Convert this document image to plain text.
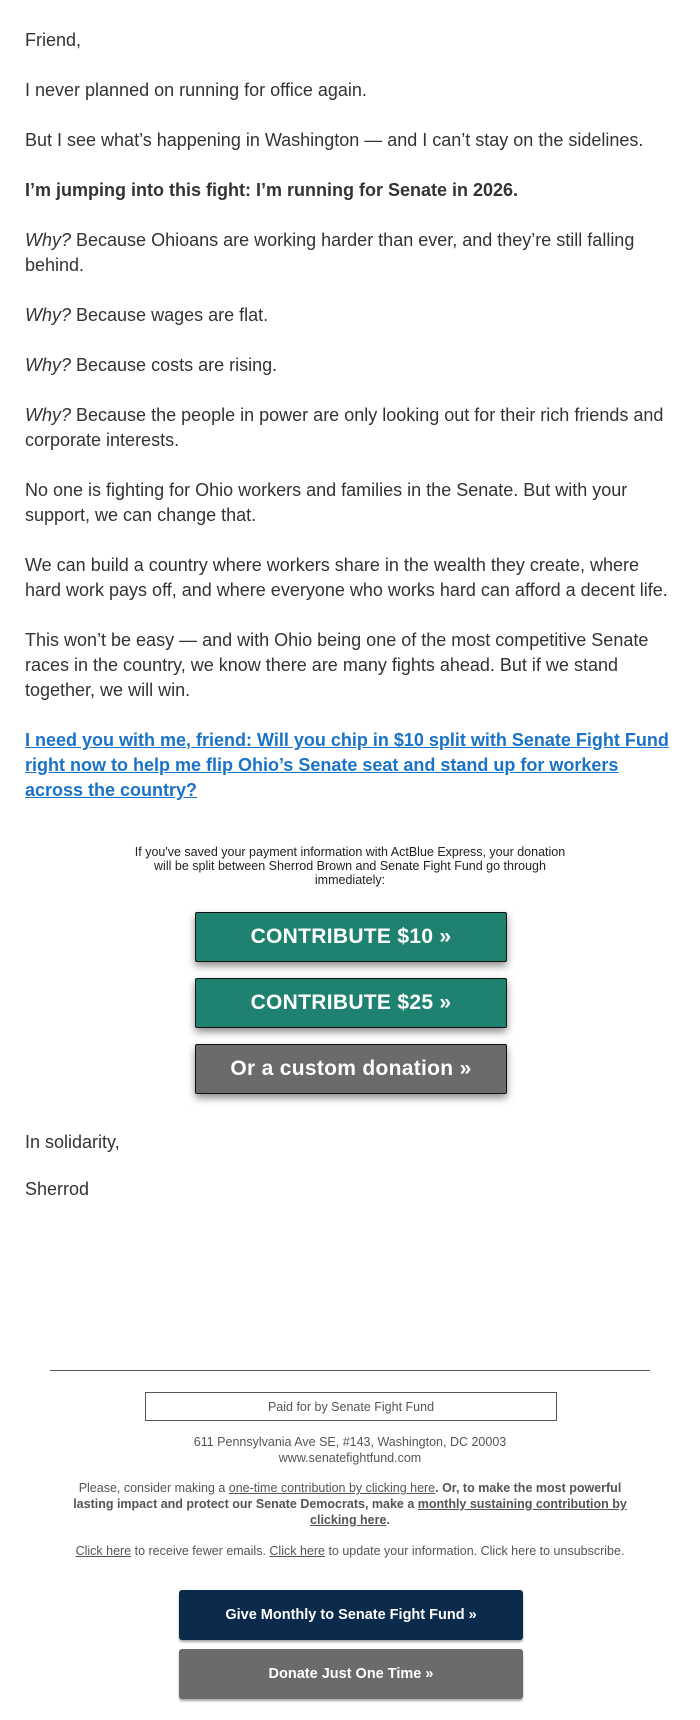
Friend,

I never planned on running for office again.

But I see what’s happening in Washington — and I can’t stay on the sidelines.

I’m jumping into this fight: I’m running for Senate in 2026.

Why? Because Ohioans are working harder than ever, and they’re still falling behind.

Why? Because wages are flat.

Why? Because costs are rising.

Why? Because the people in power are only looking out for their rich friends and corporate interests.

No one is fighting for Ohio workers and families in the Senate. But with your support, we can change that.

We can build a country where workers share in the wealth they create, where hard work pays off, and where everyone who works hard can afford a decent life.

This won’t be easy — and with Ohio being one of the most competitive Senate races in the country, we know there are many fights ahead. But if we stand together, we will win.

I need you with me, friend: Will you chip in $10 split with Senate Fight Fund right now to help me flip Ohio’s Senate seat and stand up for workers across the country?

If you've saved your payment information with ActBlue Express, your donation will be split between Sherrod Brown and Senate Fight Fund go through immediately:
CONTRIBUTE $10 »
CONTRIBUTE $25 »
Or a custom donation »

In solidarity,

Sherrod

Paid for by Senate Fight Fund
611 Pennsylvania Ave SE, #143, Washington, DC 20003
www.senatefightfund.com
Please, consider making a one-time contribution by clicking here. Or, to make the most powerful lasting impact and protect our Senate Democrats, make a monthly sustaining contribution by clicking here.
Click here to receive fewer emails. Click here to update your information. Click here to unsubscribe.
Give Monthly to Senate Fight Fund »
Donate Just One Time »
